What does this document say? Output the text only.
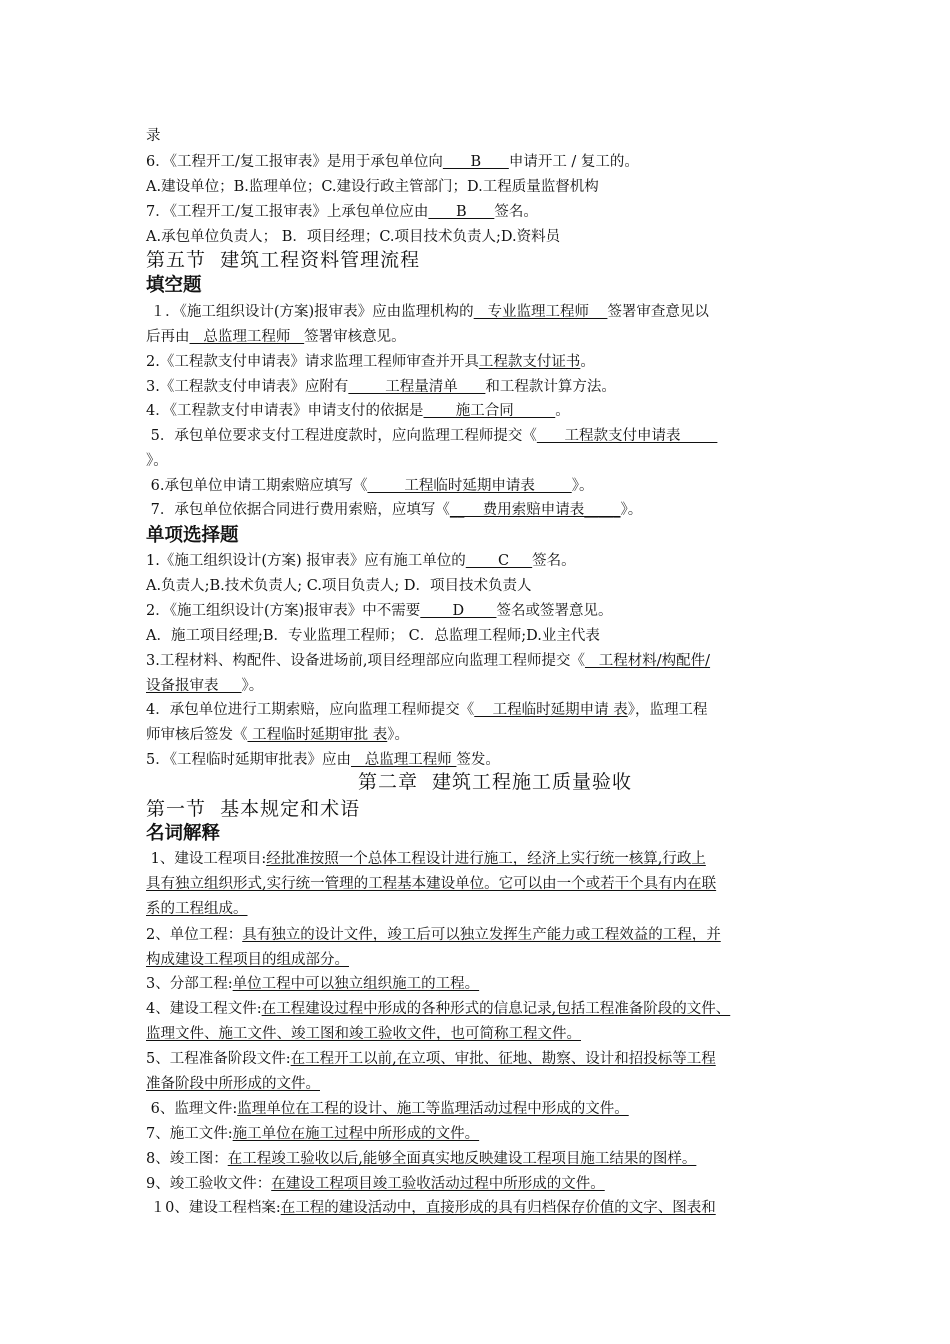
录
6．《工程开工/复工报审表》是用于承包单位向      B      申请开工 / 复工的。
A.建设单位；B.监理单位；C.建设行政主管部门；D.工程质量监督机构
7．《工程开工/复工报审表》上承包单位应由      B      签名。
A.承包单位负责人； B．项目经理；C.项目技术负责人;D.资料员
第五节  建筑工程资料管理流程
填空题
１．《施工组织设计(方案)报审表》应由监理机构的   专业监理工程师    签署审查意见以
后再由   总监理工程师   签署审核意见。
2.《工程款支付申请表》请求监理工程师审查并开具工程款支付证书。
3.《工程款支付申请表》应附有        工程量清单      和工程款计算方法。
4．《工程款支付申请表》申请支付的依据是       施工合同         。
5．承包单位要求支付工程进度款时，应向监理工程师提交《      工程款支付申请表
》。
6.承包单位申请工期索赔应填写《        工程临时延期申请表        》。
7．承包单位依据合同进行费用索赔，应填写《__    费用索赔申请表_____》。
单项选择题
1.《施工组织设计(方案) 报审表》应有施工单位的       C     签名。
A.负责人;B.技术负责人; C.项目负责人; D．项目技术负责人
2．《施工组织设计(方案)报审表》中不需要       D       签名或签署意见。
A．施工项目经理;B．专业监理工程师； C．总监理工程师;D.业主代表
3.工程材料、构配件、设备进场前,项目经理部应向监理工程师提交《   工程材料/构配件/
设备报审表     》。
4．承包单位进行工期索赔，应向监理工程师提交《    工程临时延期申请 表》，监理工程
师审核后签发《 工程临时延期审批 表》。
5．《工程临时延期审批表》应由   总监理工程师 签发。
第二章  建筑工程施工质量验收
第一节  基本规定和术语
名词解释
1、建设工程项目:经批准按照一个总体工程设计进行施工，经济上实行统一核算,行政上
具有独立组织形式,实行统一管理的工程基本建设单位。它可以由一个或若干个具有内在联
系的工程组成。
2、单位工程：具有独立的设计文件，竣工后可以独立发挥生产能力或工程效益的工程，并
构成建设工程项目的组成部分。
3、分部工程:单位工程中可以独立组织施工的工程。
4、建设工程文件:在工程建设过程中形成的各种形式的信息记录,包括工程准备阶段的文件、
监理文件、施工文件、竣工图和竣工验收文件，也可简称工程文件。
5、工程准备阶段文件:在工程开工以前,在立项、审批、征地、勘察、设计和招投标等工程
准备阶段中所形成的文件。
6、监理文件:监理单位在工程的设计、施工等监理活动过程中形成的文件。
7、施工文件:施工单位在施工过程中所形成的文件。
8、竣工图：在工程竣工验收以后,能够全面真实地反映建设工程项目施工结果的图样。
9、竣工验收文件：在建设工程项目竣工验收活动过程中所形成的文件。
１0、建设工程档案:在工程的建设活动中，直接形成的具有归档保存价值的文字、图表和
